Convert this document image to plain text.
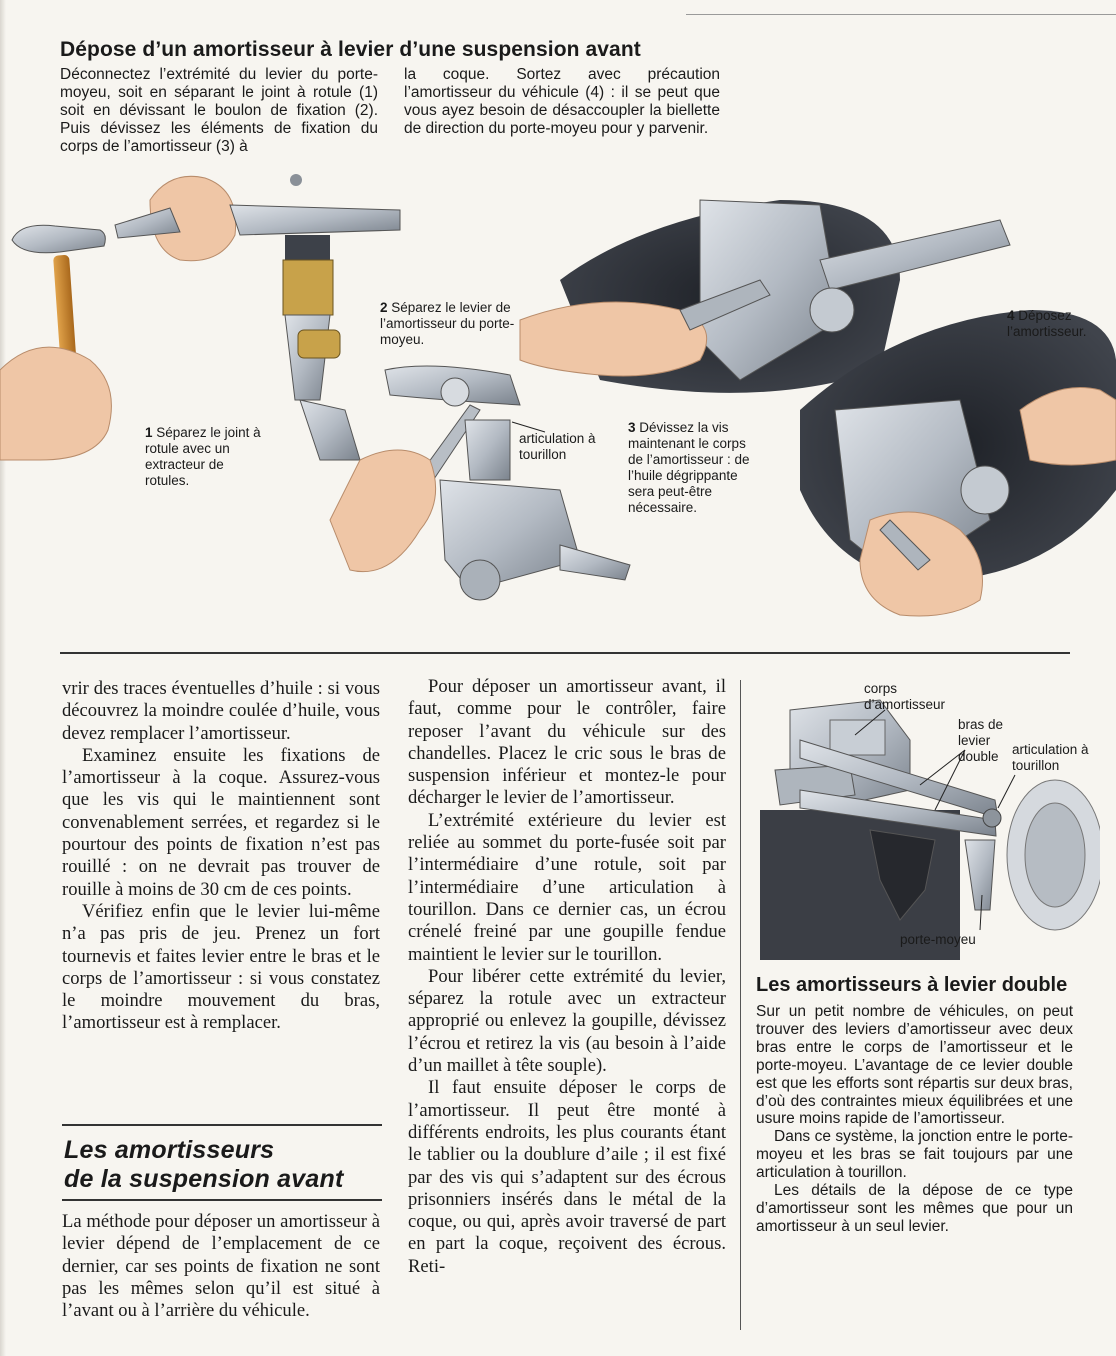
Dépose d’un amortisseur à levier d’une suspension avant

Déconnectez l’extrémité du levier du porte-moyeu, soit en séparant le joint à rotule (1) soit en dévissant le boulon de fixation (2). Puis dévissez les éléments de fixation du corps de l’amortisseur (3) à

la coque. Sortez avec précaution l’amortisseur du véhicule (4) : il se peut que vous ayez besoin de désaccoupler la biellette de direction du porte-moyeu pour y parvenir.

1 Séparez le joint à rotule avec un extracteur de rotules.
2 Séparez le levier de l’amortisseur du porte-moyeu.
articulation à tourillon
3 Dévissez la vis maintenant le corps de l’amortisseur : de l’huile dégrippante sera peut-être nécessaire.
4 Déposez l’amortisseur.

vrir des traces éventuelles d’huile : si vous découvrez la moindre coulée d’huile, vous devez remplacer l’amortisseur.

Examinez ensuite les fixations de l’amortisseur à la coque. Assurez-vous que les vis qui le maintiennent sont convenablement serrées, et regardez si le pourtour des points de fixation n’est pas rouillé : on ne devrait pas trouver de rouille à moins de 30 cm de ces points.

Vérifiez enfin que le levier lui-même n’a pas pris de jeu. Prenez un fort tournevis et faites levier entre le bras et le corps de l’amortisseur : si vous constatez le moindre mouvement du bras, l’amortisseur est à remplacer.

Les amortisseurs
de la suspension avant

La méthode pour déposer un amortisseur à levier dépend de l’emplacement de ce dernier, car ses points de fixation ne sont pas les mêmes selon qu’il est situé à l’avant ou à l’arrière du véhicule.

Pour déposer un amortisseur avant, il faut, comme pour le contrôler, faire reposer l’avant du véhicule sur des chandelles. Placez le cric sous le bras de suspension inférieur et montez-le pour décharger le levier de l’amortisseur.

L’extrémité extérieure du levier est reliée au sommet du porte-fusée soit par l’intermédiaire d’une rotule, soit par l’intermédiaire d’une articulation à tourillon. Dans ce dernier cas, un écrou crénelé freiné par une goupille fendue maintient le levier sur le tourillon.

Pour libérer cette extrémité du levier, séparez la rotule avec un extracteur approprié ou enlevez la goupille, dévissez l’écrou et retirez la vis (au besoin à l’aide d’un maillet à tête souple).

Il faut ensuite déposer le corps de l’amortisseur. Il peut être monté à différents endroits, les plus courants étant le tablier ou la doublure d’aile ; il est fixé par des vis qui s’adaptent sur des écrous prisonniers insérés dans le métal de la coque, ou qui, après avoir traversé de part en part la coque, reçoivent des écrous. Reti-

corps d’amortisseur
bras de levier double articulation à tourillon
porte-moyeu
Les amortisseurs à levier double

Sur un petit nombre de véhicules, on peut trouver des leviers d’amortisseur avec deux bras entre le corps de l’amortisseur et le porte-moyeu. L’avantage de ce levier double est que les efforts sont répartis sur deux bras, d’où des contraintes mieux équilibrées et une usure moins rapide de l’amortisseur.

Dans ce système, la jonction entre le porte-moyeu et les bras se fait toujours par une articulation à tourillon.

Les détails de la dépose de ce type d’amortisseur sont les mêmes que pour un amortisseur à un seul levier.
